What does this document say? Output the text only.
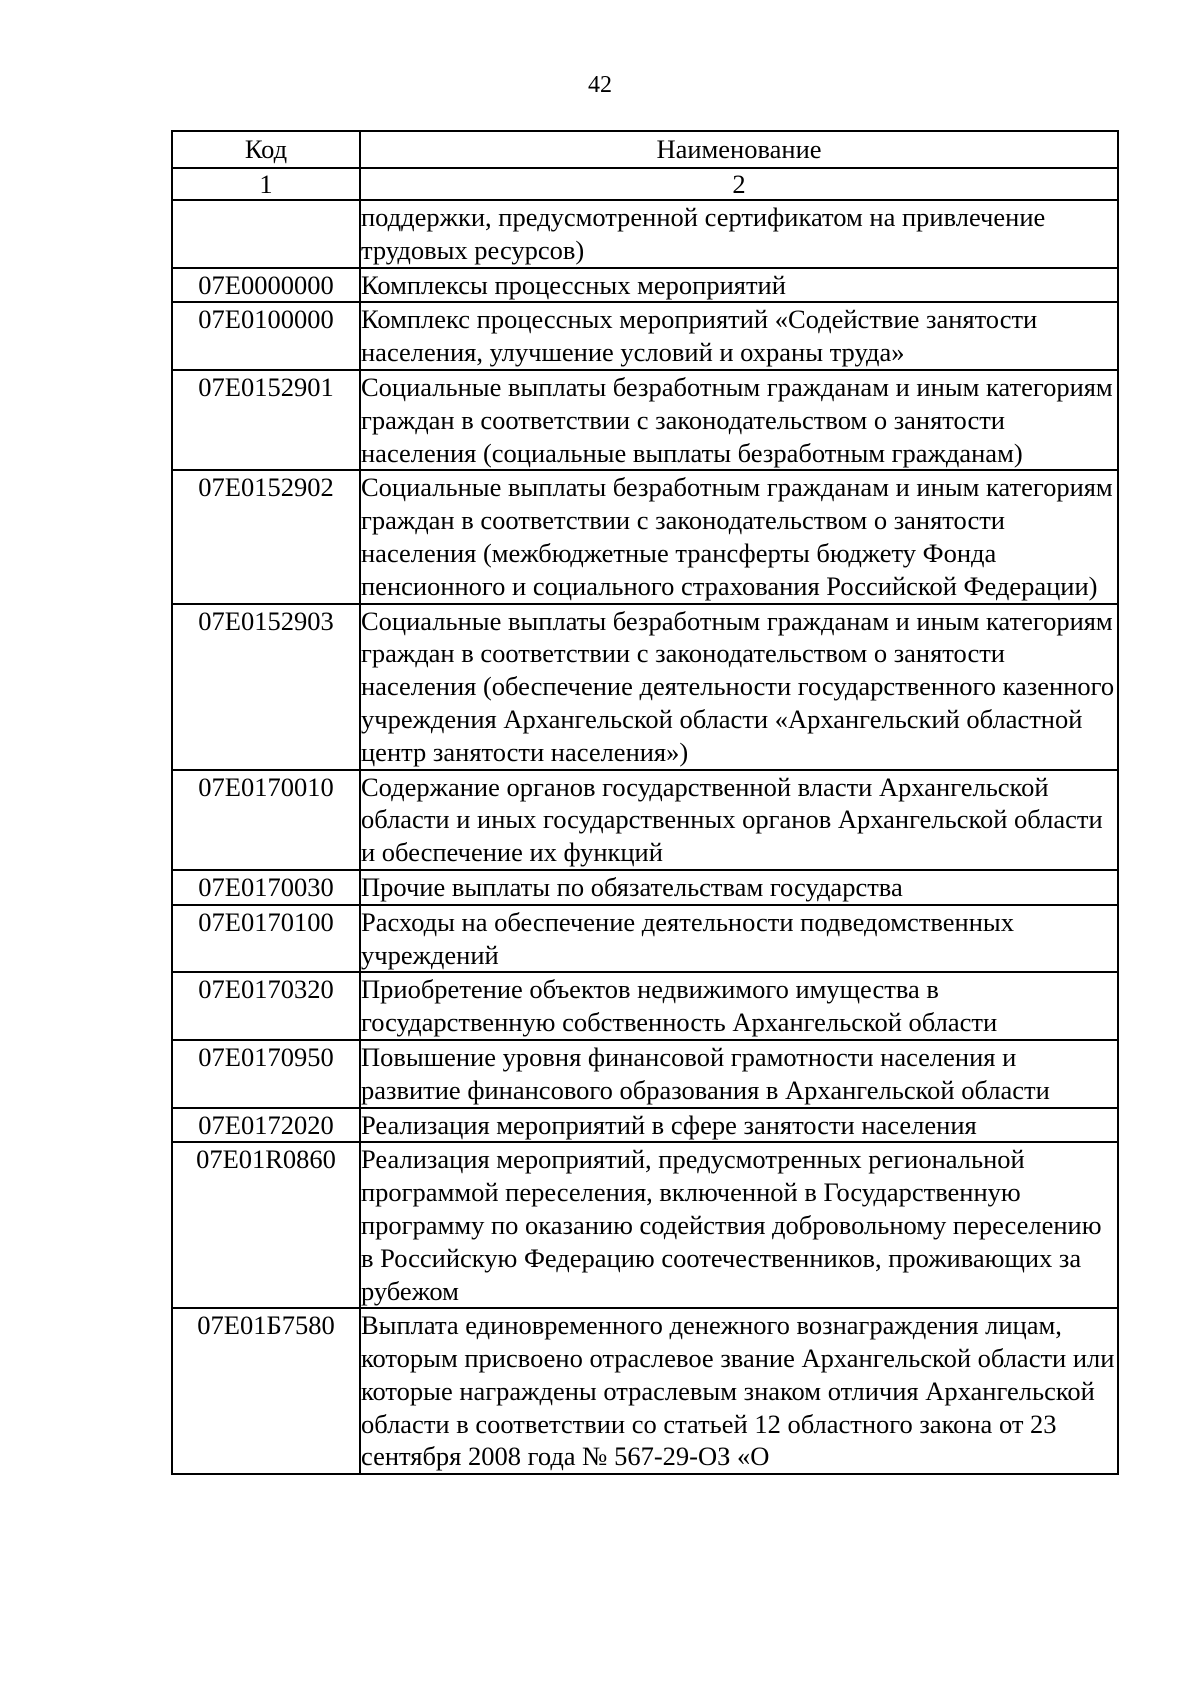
42
Код	Наименование
1	2
	поддержки, предусмотренной сертификатом на привлечение трудовых ресурсов)
07Е0000000	Комплексы процессных мероприятий
07Е0100000	Комплекс процессных мероприятий «Содействие занятости населения, улучшение условий и охраны труда»
07Е0152901	Социальные выплаты безработным гражданам и иным категориям граждан в соответствии с законодательством о занятости населения (социальные выплаты безработным гражданам)
07Е0152902	Социальные выплаты безработным гражданам и иным категориям граждан в соответствии с законодательством о занятости населения (межбюджетные трансферты бюджету Фонда пенсионного и социального страхования Российской Федерации)
07Е0152903	Социальные выплаты безработным гражданам и иным категориям граждан в соответствии с законодательством о занятости населения (обеспечение деятельности государственного казенного учреждения Архангельской области «Архангельский областной центр занятости населения»)
07Е0170010	Содержание органов государственной власти Архангельской области и иных государственных органов Архангельской области и обеспечение их функций
07Е0170030	Прочие выплаты по обязательствам государства
07Е0170100	Расходы на обеспечение деятельности подведомственных учреждений
07Е0170320	Приобретение объектов недвижимого имущества в государственную собственность Архангельской области
07Е0170950	Повышение уровня финансовой грамотности населения и развитие финансового образования в Архангельской области
07Е0172020	Реализация мероприятий в сфере занятости населения
07Е01R0860	Реализация мероприятий, предусмотренных региональной программой переселения, включенной в Государственную программу по оказанию содействия добровольному переселению в Российскую Федерацию соотечественников, проживающих за рубежом
07Е01Б7580	Выплата единовременного денежного вознаграждения лицам, которым присвоено отраслевое звание Архангельской области или которые награждены отраслевым знаком отличия Архангельской области в соответствии со статьей 12 областного закона от 23 сентября 2008 года № 567-29-ОЗ «О
